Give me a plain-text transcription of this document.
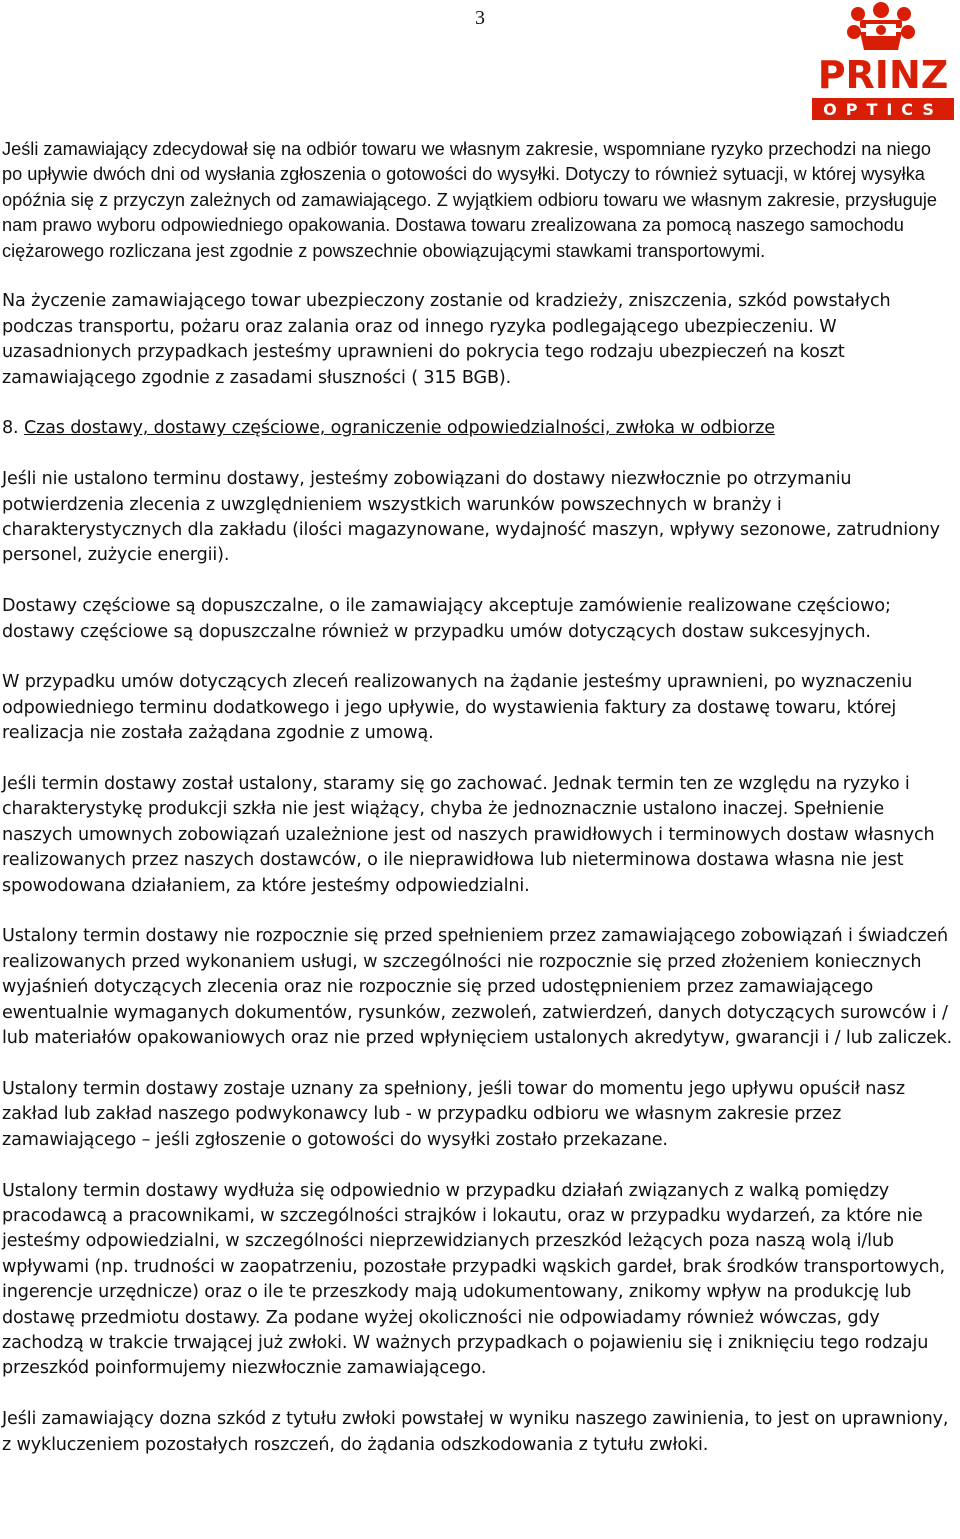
3
PRINZ
OPTICS

Jeśli zamawiający zdecydował się na odbiór towaru we własnym zakresie, wspomniane ryzyko przechodzi na niego po upływie dwóch dni od wysłania zgłoszenia o gotowości do wysyłki. Dotyczy to również sytuacji, w której wysyłka opóźnia się z przyczyn zależnych od zamawiającego. Z wyjątkiem odbioru towaru we własnym zakresie, przysługuje nam prawo wyboru odpowiedniego opakowania. Dostawa towaru zrealizowana za pomocą naszego samochodu ciężarowego rozliczana jest zgodnie z powszechnie obowiązującymi stawkami transportowymi.

Na życzenie zamawiającego towar ubezpieczony zostanie od kradzieży, zniszczenia, szkód powstałych podczas transportu, pożaru oraz zalania oraz od innego ryzyka podlegającego ubezpieczeniu. W uzasadnionych przypadkach jesteśmy uprawnieni do pokrycia tego rodzaju ubezpieczeń na koszt zamawiającego zgodnie z zasadami słuszności ( 315 BGB).

8. Czas dostawy, dostawy częściowe, ograniczenie odpowiedzialności, zwłoka w odbiorze

Jeśli nie ustalono terminu dostawy, jesteśmy zobowiązani do dostawy niezwłocznie po otrzymaniu potwierdzenia zlecenia z uwzględnieniem wszystkich warunków powszechnych w branży i charakterystycznych dla zakładu (ilości magazynowane, wydajność maszyn, wpływy sezonowe, zatrudniony personel, zużycie energii).

Dostawy częściowe są dopuszczalne, o ile zamawiający akceptuje zamówienie realizowane częściowo; dostawy częściowe są dopuszczalne również w przypadku umów dotyczących dostaw sukcesyjnych.

W przypadku umów dotyczących zleceń realizowanych na żądanie jesteśmy uprawnieni, po wyznaczeniu odpowiedniego terminu dodatkowego i jego upływie, do wystawienia faktury za dostawę towaru, której realizacja nie została zażądana zgodnie z umową.

Jeśli termin dostawy został ustalony, staramy się go zachować. Jednak termin ten ze względu na ryzyko i charakterystykę produkcji szkła nie jest wiążący, chyba że jednoznacznie ustalono inaczej. Spełnienie naszych umownych zobowiązań uzależnione jest od naszych prawidłowych i terminowych dostaw własnych realizowanych przez naszych dostawców, o ile nieprawidłowa lub nieterminowa dostawa własna nie jest spowodowana działaniem, za które jesteśmy odpowiedzialni.

Ustalony termin dostawy nie rozpocznie się przed spełnieniem przez zamawiającego zobowiązań i świadczeń realizowanych przed wykonaniem usługi, w szczególności nie rozpocznie się przed złożeniem koniecznych wyjaśnień dotyczących zlecenia oraz nie rozpocznie się przed udostępnieniem przez zamawiającego ewentualnie wymaganych dokumentów, rysunków, zezwoleń, zatwierdzeń, danych dotyczących surowców i / lub materiałów opakowaniowych oraz nie przed wpłynięciem ustalonych akredytyw, gwarancji i / lub zaliczek.

Ustalony termin dostawy zostaje uznany za spełniony, jeśli towar do momentu jego upływu opuścił nasz zakład lub zakład naszego podwykonawcy lub - w przypadku odbioru we własnym zakresie przez zamawiającego – jeśli zgłoszenie o gotowości do wysyłki zostało przekazane.

Ustalony termin dostawy wydłuża się odpowiednio w przypadku działań związanych z walką pomiędzy pracodawcą a pracownikami, w szczególności strajków i lokautu, oraz w przypadku wydarzeń, za które nie jesteśmy odpowiedzialni, w szczególności nieprzewidzianych przeszkód leżących poza naszą wolą i/lub wpływami (np. trudności w zaopatrzeniu, pozostałe przypadki wąskich gardeł, brak środków transportowych, ingerencje urzędnicze) oraz o ile te przeszkody mają udokumentowany, znikomy wpływ na produkcję lub dostawę przedmiotu dostawy. Za podane wyżej okoliczności nie odpowiadamy również wówczas, gdy zachodzą w trakcie trwającej już zwłoki. W ważnych przypadkach o pojawieniu się i zniknięciu tego rodzaju przeszkód poinformujemy niezwłocznie zamawiającego.

Jeśli zamawiający dozna szkód z tytułu zwłoki powstałej w wyniku naszego zawinienia, to jest on uprawniony, z wykluczeniem pozostałych roszczeń, do żądania odszkodowania z tytułu zwłoki.
